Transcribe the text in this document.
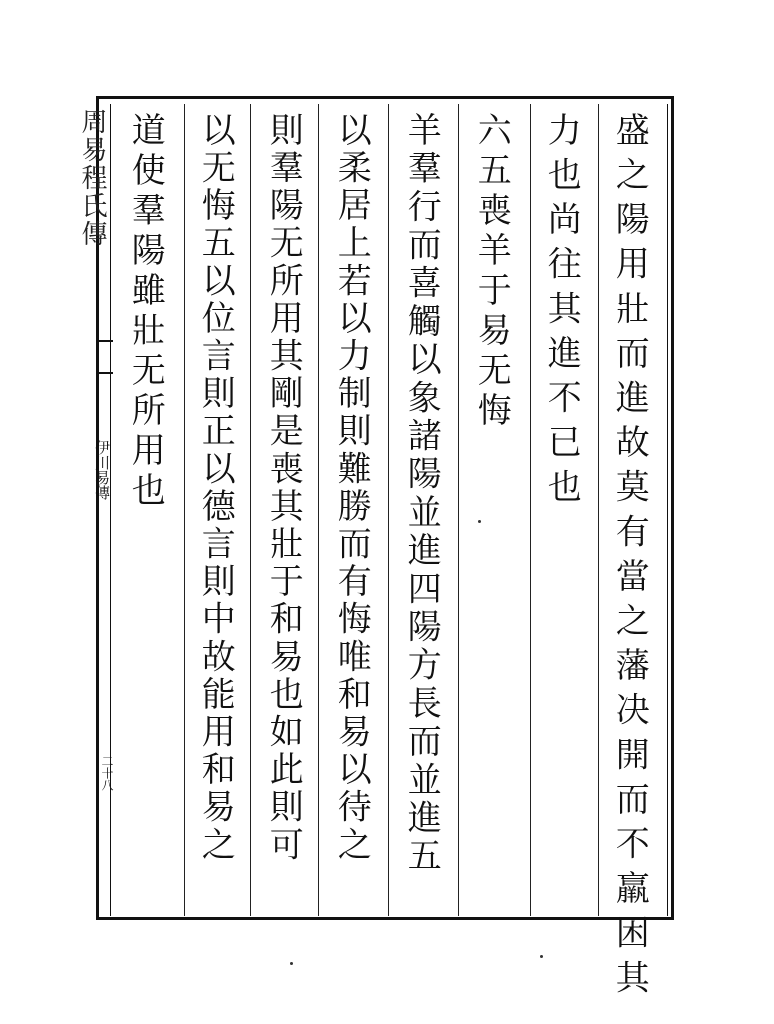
周易程氏傳
伊川易傳
二十八	盛之陽用壯而進故莫有當之藩决開而不羸困其
力也尚往其進不已也
六五喪羊于易无悔
羊羣行而喜觸以象諸陽並進四陽方長而並進五
以柔居上若以力制則難勝而有悔唯和易以待之
則羣陽无所用其剛是喪其壯于和易也如此則可
以无悔五以位言則正以德言則中故能用和易之
道使羣陽雖壯无所用也
